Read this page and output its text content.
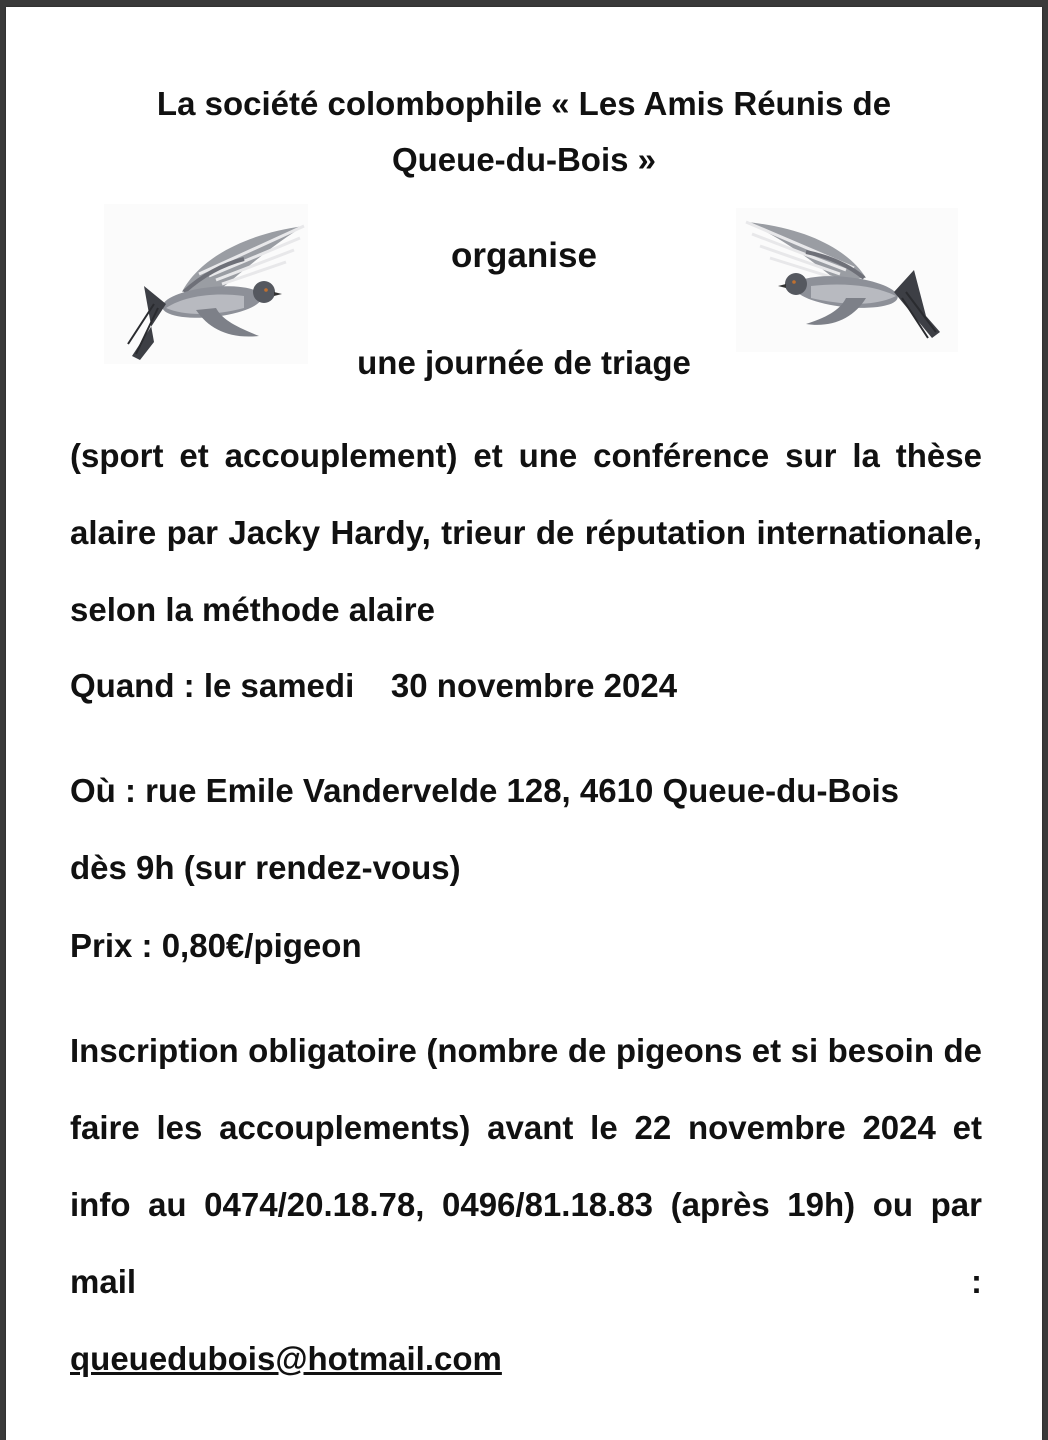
La société colombophile « Les Amis Réunis de
Queue-du-Bois »
organise
une journée de triage
(sport et accouplement) et une conférence sur la thèse alaire par Jacky Hardy, trieur de réputation internationale, selon la méthode alaire
Quand : le samedi    30 novembre 2024
Où : rue Emile Vandervelde 128, 4610 Queue-du-Bois
dès 9h (sur rendez-vous)
Prix : 0,80€/pigeon
Inscription obligatoire (nombre de pigeons et si besoin de faire les accouplements) avant le 22 novembre 2024 et info au 0474/20.18.78, 0496/81.18.83 (après 19h) ou par mail :
queuedubois@hotmail.com
